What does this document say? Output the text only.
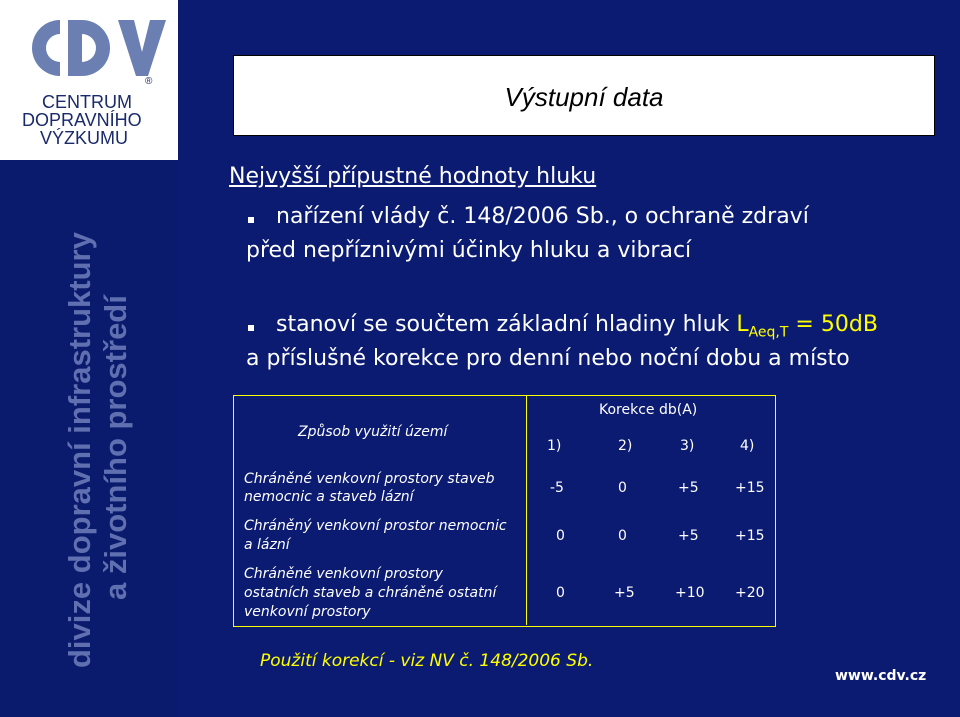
®
CENTRUM
DOPRAVNÍHO
VÝZKUMU
divize dopravní infrastruktury a životního prostředí
Výstupní data
Nejvyšší přípustné hodnoty hluku
nařízení vlády č. 148/2006 Sb., o ochraně zdraví
před nepříznivými účinky hluku a vibrací
stanoví se součtem základní hladiny hluk $L_{Aeq,T} = 50dB$
a příslušné korekce pro denní nebo noční dobu a místo
Způsob využití území
Korekce db(A)
1)	2)	3)	4)
Chráněné venkovní prostory staveb
nemocnic a staveb lázní
-5	0	+5	+15
Chráněný venkovní prostor nemocnic
a lázní
0	0	+5	+15
Chráněné venkovní prostory
ostatních staveb a chráněné ostatní
venkovní prostory
0	+5	+10 +20
Použití korekcí - viz NV č. 148/2006 Sb.
www.cdv.cz
